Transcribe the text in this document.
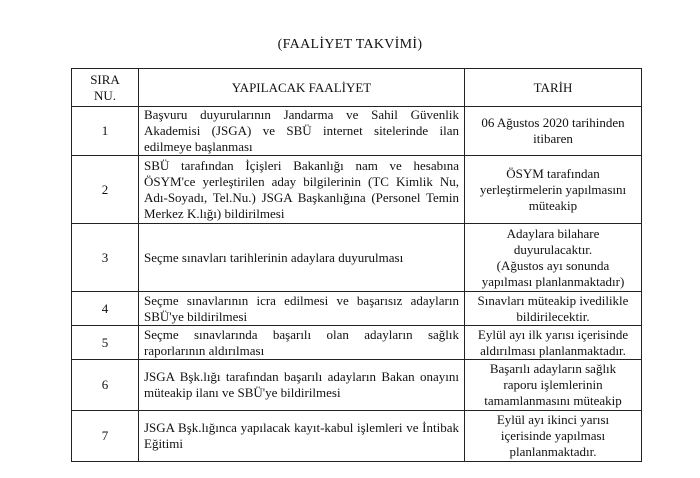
(FAALİYET TAKVİMİ)
SIRA
NU.	YAPILACAK FAALİYET	TARİH
1	Başvuru duyurularının Jandarma ve Sahil Güvenlik Akademisi (JSGA) ve SBÜ internet sitelerinde ilan edilmeye başlanması	06 Ağustos 2020 tarihinden
itibaren
2	SBÜ tarafından İçişleri Bakanlığı nam ve hesabına ÖSYM'ce yerleştirilen aday bilgilerinin (TC Kimlik Nu, Adı-Soyadı, Tel.Nu.) JSGA Başkanlığına (Personel Temin Merkez K.lığı) bildirilmesi	ÖSYM tarafından
yerleştirmelerin yapılmasını
müteakip
3	Seçme sınavları tarihlerinin adaylara duyurulması	Adaylara bilahare
duyurulacaktır.
(Ağustos ayı sonunda
yapılması planlanmaktadır)
4	Seçme sınavlarının icra edilmesi ve başarısız adayların SBÜ'ye bildirilmesi	Sınavları müteakip ivedilikle
bildirilecektir.
5	Seçme sınavlarında başarılı olan adayların sağlık raporlarının aldırılması	Eylül ayı ilk yarısı içerisinde
aldırılması planlanmaktadır.
6	JSGA Bşk.lığı tarafından başarılı adayların Bakan onayını müteakip ilanı ve SBÜ'ye bildirilmesi	Başarılı adayların sağlık
raporu işlemlerinin
tamamlanmasını müteakip
7	JSGA Bşk.lığınca yapılacak kayıt-kabul işlemleri ve İntibak Eğitimi	Eylül ayı ikinci yarısı
içerisinde yapılması
planlanmaktadır.
